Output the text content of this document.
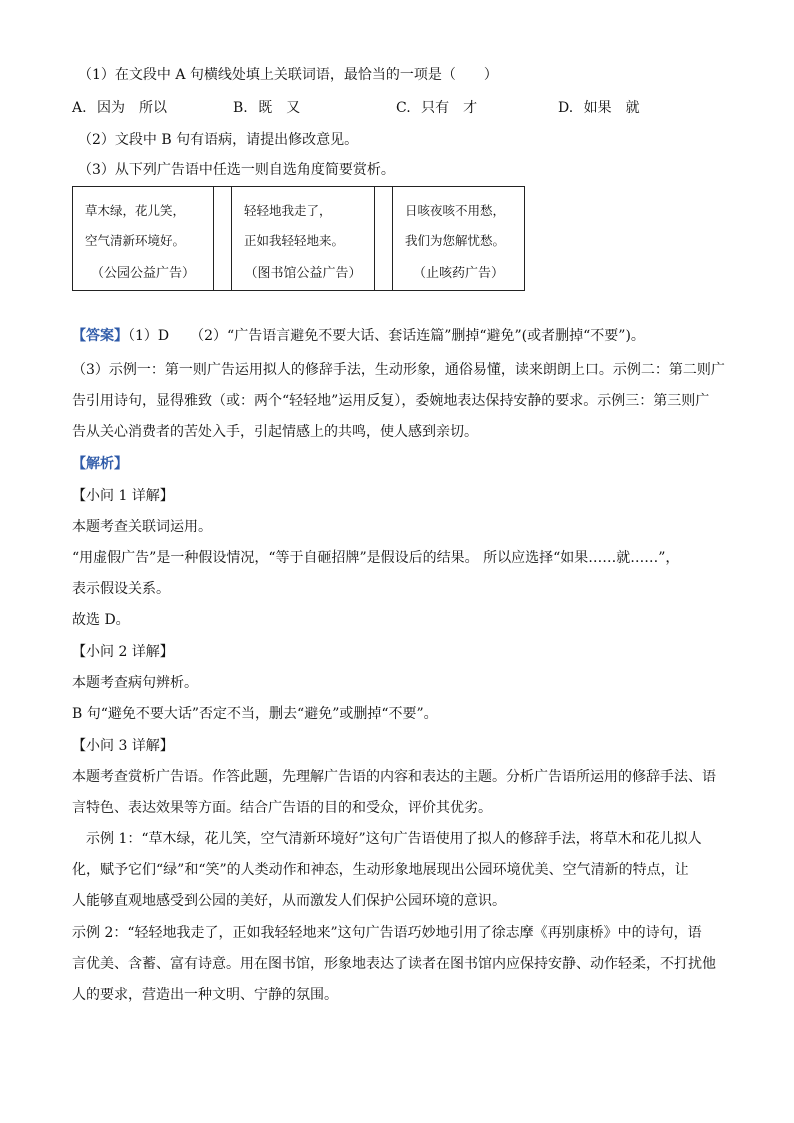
（1）在文段中 A 句横线处填上关联词语，最恰当的一项是（　　）
A. 因为　所以	B. 既　又	C. 只有　才	D. 如果　就
（2）文段中 B 句有语病，请提出修改意见。
（3）从下列广告语中任选一则自选角度简要赏析。
草木绿，花儿笑，
空气清新环境好。
（公园公益广告）

轻轻地我走了，
正如我轻轻地来。
（图书馆公益广告）

日咳夜咳不用愁，
我们为您解忧愁。
（止咳药广告）
【答案】（1）D　　（2）“广告语言避免不要大话、套话连篇”删掉“避免”(或者删掉“不要”)。
（3）示例一：第一则广告运用拟人的修辞手法，生动形象，通俗易懂，读来朗朗上口。示例二：第二则广
告引用诗句，显得雅致（或：两个“轻轻地”运用反复），委婉地表达保持安静的要求。示例三：第三则广
告从关心消费者的苦处入手，引起情感上的共鸣，使人感到亲切。
【解析】
【小问 1 详解】
本题考查关联词运用。
“用虚假广告”是一种假设情况，“等于自砸招牌”是假设后的结果。 所以应选择“如果……就……”，
表示假设关系。
故选 D。
【小问 2 详解】
本题考查病句辨析。
B 句“避免不要大话”否定不当，删去“避免”或删掉“不要”。
【小问 3 详解】
本题考查赏析广告语。作答此题，先理解广告语的内容和表达的主题。分析广告语所运用的修辞手法、语
言特色、表达效果等方面。结合广告语的目的和受众，评价其优劣。
　示例 1：“草木绿，花儿笑，空气清新环境好”这句广告语使用了拟人的修辞手法，将草木和花儿拟人
化，赋予它们“绿”和“笑”的人类动作和神态，生动形象地展现出公园环境优美、空气清新的特点，让
人能够直观地感受到公园的美好，从而激发人们保护公园环境的意识。
示例 2：“轻轻地我走了，正如我轻轻地来”这句广告语巧妙地引用了徐志摩《再别康桥》中的诗句，语
言优美、含蓄、富有诗意。用在图书馆，形象地表达了读者在图书馆内应保持安静、动作轻柔，不打扰他
人的要求，营造出一种文明、宁静的氛围。
